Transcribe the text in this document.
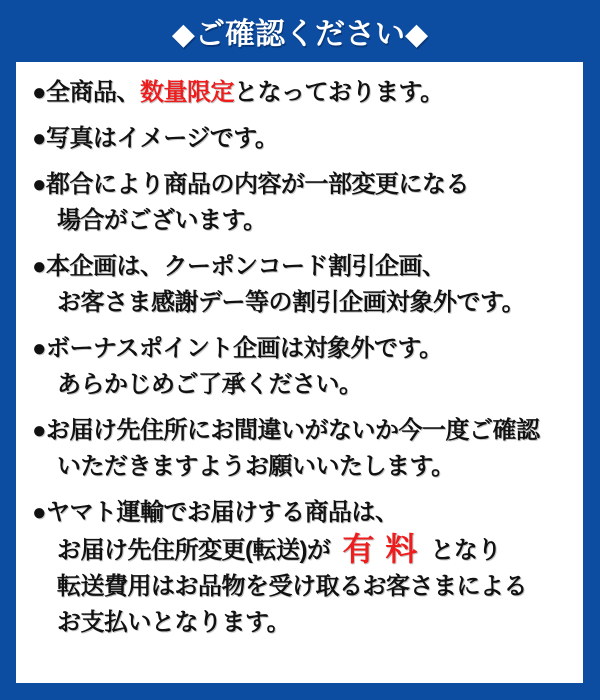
◆ご確認ください◆
●全商品、数量限定となっております。
●写真はイメージです。
●都合により商品の内容が一部変更になる
場合がございます。
●本企画は、クーポンコード割引企画、
お客さま感謝デー等の割引企画対象外です。
●ボーナスポイント企画は対象外です。
あらかじめご了承ください。
●お届け先住所にお間違いがないか今一度ご確認
いただきますようお願いいたします。
●ヤマト運輸でお届けする商品は、
お届け先住所変更(転送)が 有 料 となり
転送費用はお品物を受け取るお客さまによる
お支払いとなります。
